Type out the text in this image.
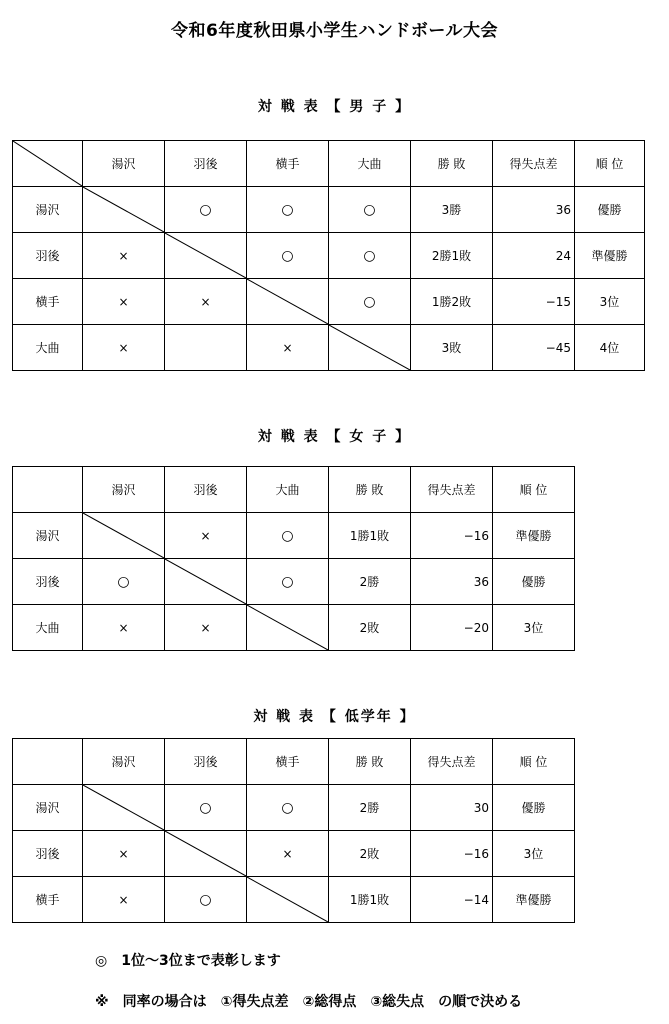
令和6年度秋田県小学生ハンドボール大会
対 戦 表 【 男 子 】
	湯沢	羽後	横手	大曲	勝 敗	得失点差	順 位
湯沢		○	○	○	3勝	36	優勝
羽後	×		○	○	2勝1敗	24	準優勝
横手	×	×		○	1勝2敗	−15	3位
大曲	×		×		3敗	−45	4位
対 戦 表 【 女 子 】
	湯沢	羽後	大曲	勝 敗	得失点差	順 位
湯沢		×	○	1勝1敗	−16	準優勝
羽後	○		○	2勝	36	優勝
大曲	×	×		2敗	−20	3位
対 戦 表 【 低学年 】
	湯沢	羽後	横手	勝 敗	得失点差	順 位
湯沢		○	○	2勝	30	優勝
羽後	×		×	2敗	−16	3位
横手	×	○		1勝1敗	−14	準優勝
◎　1位～3位まで表彰します
※　同率の場合は　①得失点差　②総得点　③総失点　の順で決める
